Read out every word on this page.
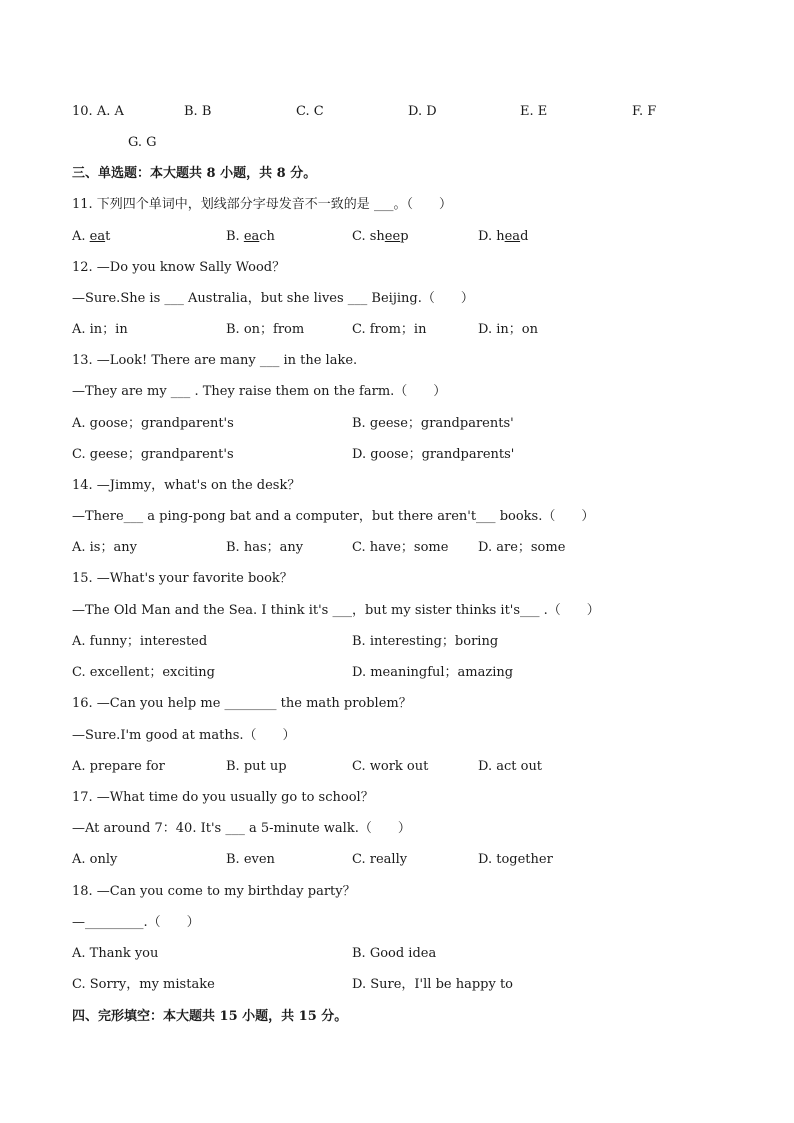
10. A. A	B. B	C. C	D. D	E. E	F. F
G. G
三、单选题：本大题共 8 小题，共 8 分。
11. 下列四个单词中，划线部分字母发音不一致的是 ___。（　　）
A. eat	B. each	C. sheep	D. head
12. —Do you know Sally Wood？
—Sure.She is ___ Australia，but she lives ___ Beijing.（　　）
A. in；in	B. on；from	C. from；in	D. in；on
13. —Look! There are many ___ in the lake.
—They are my ___ . They raise them on the farm.（　　）
A. goose；grandparent's	B. geese；grandparents'
C. geese；grandparent's	D. goose；grandparents'
14. —Jimmy，what's on the desk？
—There___ a ping-pong bat and a computer，but there aren't___ books.（　　）
A. is；any	B. has；any	C. have；some D. are；some
15. —What's your favorite book？
—The Old Man and the Sea. I think it's ___，but my sister thinks it's___ .（　　）
A. funny；interested	B. interesting；boring
C. excellent；exciting	D. meaningful；amazing
16. —Can you help me ________ the math problem？
—Sure.I'm good at maths.（　　）
A. prepare for	B. put up	C. work out	D. act out
17. —What time do you usually go to school？
—At around 7：40. It's ___ a 5-minute walk.（　　）
A. only	B. even	C. really	D. together
18. —Can you come to my birthday party？
—_________.（　　）
A. Thank you	B. Good idea
C. Sorry，my mistake	D. Sure，I'll be happy to
四、完形填空：本大题共 15 小题，共 15 分。
